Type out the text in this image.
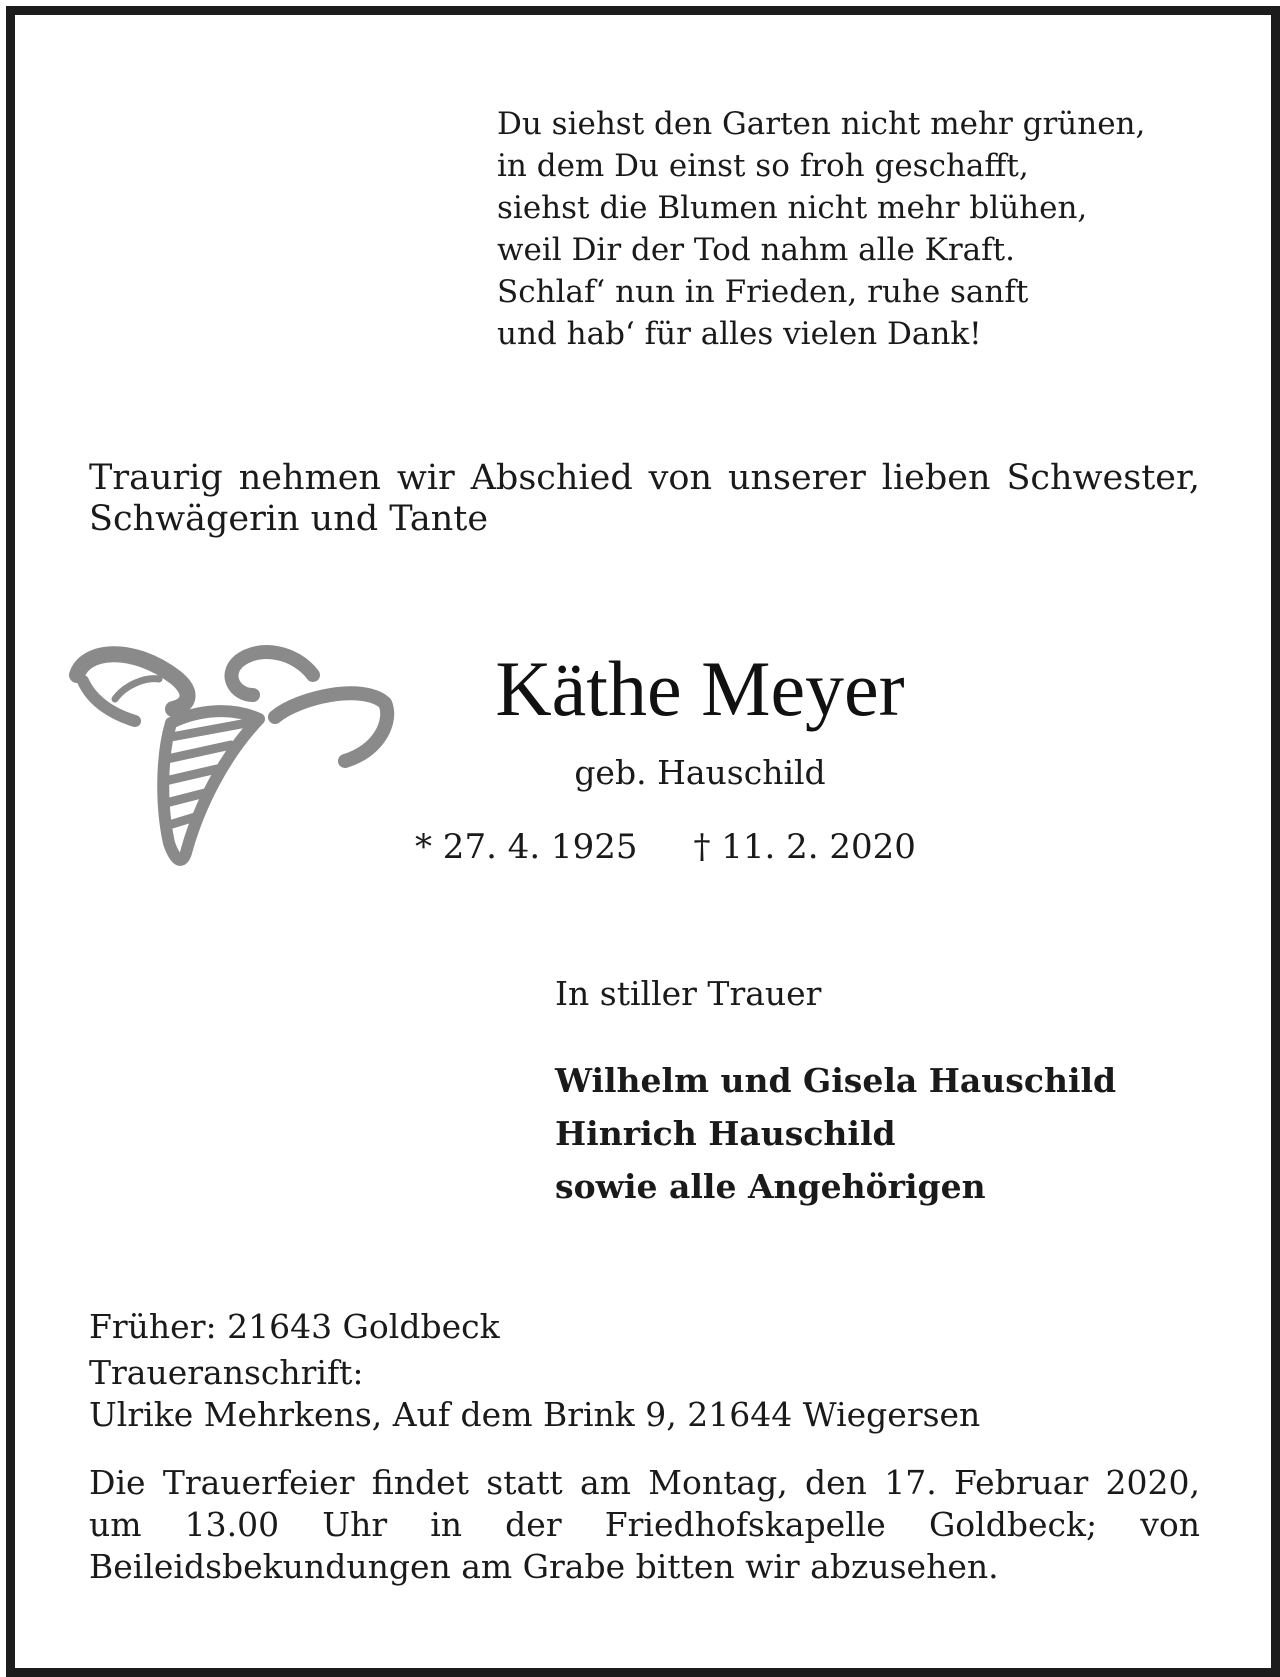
Du siehst den Garten nicht mehr grünen,
in dem Du einst so froh geschafft,
siehst die Blumen nicht mehr blühen,
weil Dir der Tod nahm alle Kraft.
Schlaf‘ nun in Frieden, ruhe sanft
und hab‘ für alles vielen Dank!
Traurig nehmen wir Abschied von unserer lieben Schwester, Schwägerin und Tante
Käthe Meyer
geb. Hauschild
* 27. 4. 1925 † 11. 2. 2020
In stiller Trauer
Wilhelm und Gisela Hauschild
Hinrich Hauschild
sowie alle Angehörigen
Früher: 21643 Goldbeck
Traueranschrift:
Ulrike Mehrkens, Auf dem Brink 9, 21644 Wiegersen
Die Trauerfeier findet statt am Montag, den 17. Februar 2020, um 13.00 Uhr in der Friedhofskapelle Goldbeck; von Beileidsbekundungen am Grabe bitten wir abzusehen.
